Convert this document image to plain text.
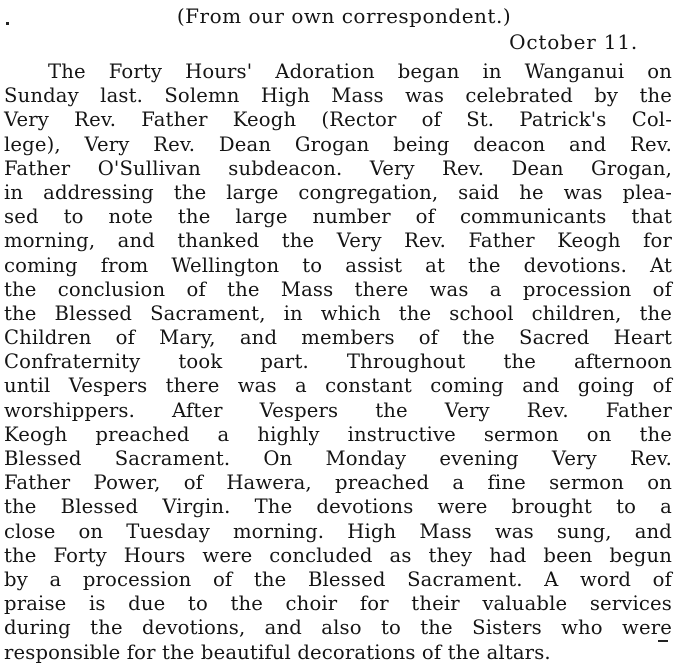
(From our own correspondent.)
October 11.
The Forty Hours' Adoration began in Wanganui on
Sunday last. Solemn High Mass was celebrated by the
Very Rev. Father Keogh (Rector of St. Patrick's Col-
lege), Very Rev. Dean Grogan being deacon and Rev.
Father O'Sullivan subdeacon. Very Rev. Dean Grogan,
in addressing the large congregation, said he was plea-
sed to note the large number of communicants that
morning, and thanked the Very Rev. Father Keogh for
coming from Wellington to assist at the devotions. At
the conclusion of the Mass there was a procession of
the Blessed Sacrament, in which the school children, the
Children of Mary, and members of the Sacred Heart
Confraternity took part. Throughout the afternoon
until Vespers there was a constant coming and going of
worshippers. After Vespers the Very Rev. Father
Keogh preached a highly instructive sermon on the
Blessed Sacrament. On Monday evening Very Rev.
Father Power, of Hawera, preached a fine sermon on
the Blessed Virgin. The devotions were brought to a
close on Tuesday morning. High Mass was sung, and
the Forty Hours were concluded as they had been begun
by a procession of the Blessed Sacrament. A word of
praise is due to the choir for their valuable services
during the devotions, and also to the Sisters who were
responsible for the beautiful decorations of the altars.
